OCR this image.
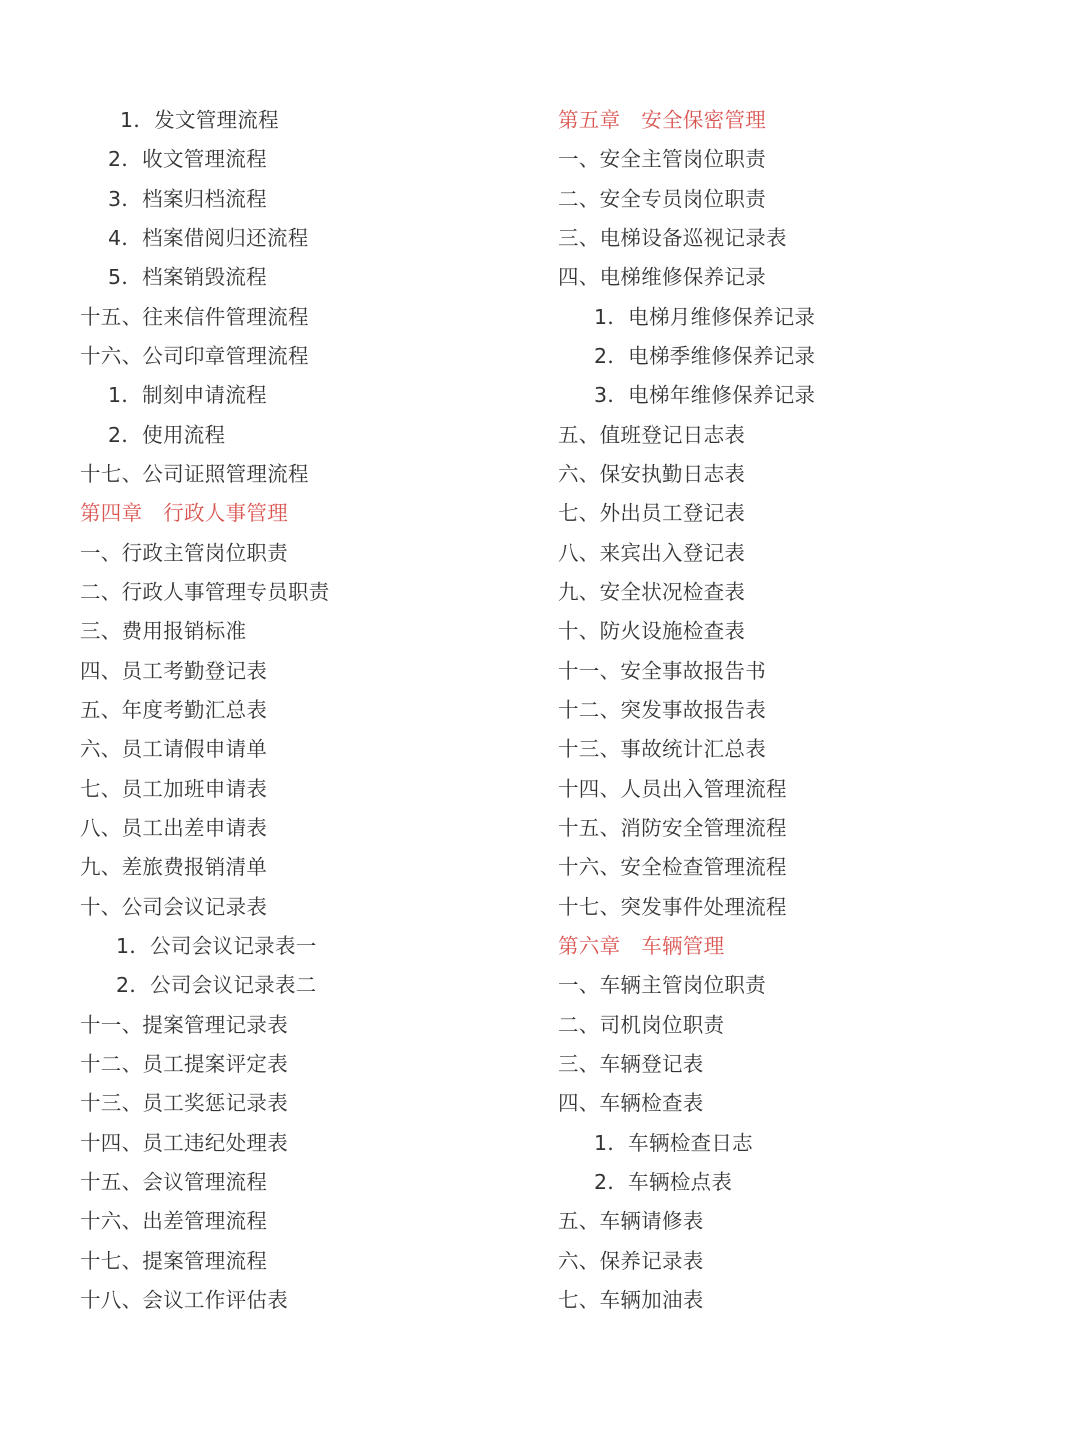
1．发文管理流程
2．收文管理流程
3．档案归档流程
4．档案借阅归还流程
5．档案销毁流程
十五、往来信件管理流程
十六、公司印章管理流程
1．制刻申请流程
2．使用流程
十七、公司证照管理流程
第四章　行政人事管理
一、行政主管岗位职责
二、行政人事管理专员职责
三、费用报销标准
四、员工考勤登记表
五、年度考勤汇总表
六、员工请假申请单
七、员工加班申请表
八、员工出差申请表
九、差旅费报销清单
十、公司会议记录表
1．公司会议记录表一
2．公司会议记录表二
十一、提案管理记录表
十二、员工提案评定表
十三、员工奖惩记录表
十四、员工违纪处理表
十五、会议管理流程
十六、出差管理流程
十七、提案管理流程
十八、会议工作评估表
第五章　安全保密管理
一、安全主管岗位职责
二、安全专员岗位职责
三、电梯设备巡视记录表
四、电梯维修保养记录
1．电梯月维修保养记录
2．电梯季维修保养记录
3．电梯年维修保养记录
五、值班登记日志表
六、保安执勤日志表
七、外出员工登记表
八、来宾出入登记表
九、安全状况检查表
十、防火设施检查表
十一、安全事故报告书
十二、突发事故报告表
十三、事故统计汇总表
十四、人员出入管理流程
十五、消防安全管理流程
十六、安全检查管理流程
十七、突发事件处理流程
第六章　车辆管理
一、车辆主管岗位职责
二、司机岗位职责
三、车辆登记表
四、车辆检查表
1．车辆检查日志
2．车辆检点表
五、车辆请修表
六、保养记录表
七、车辆加油表
